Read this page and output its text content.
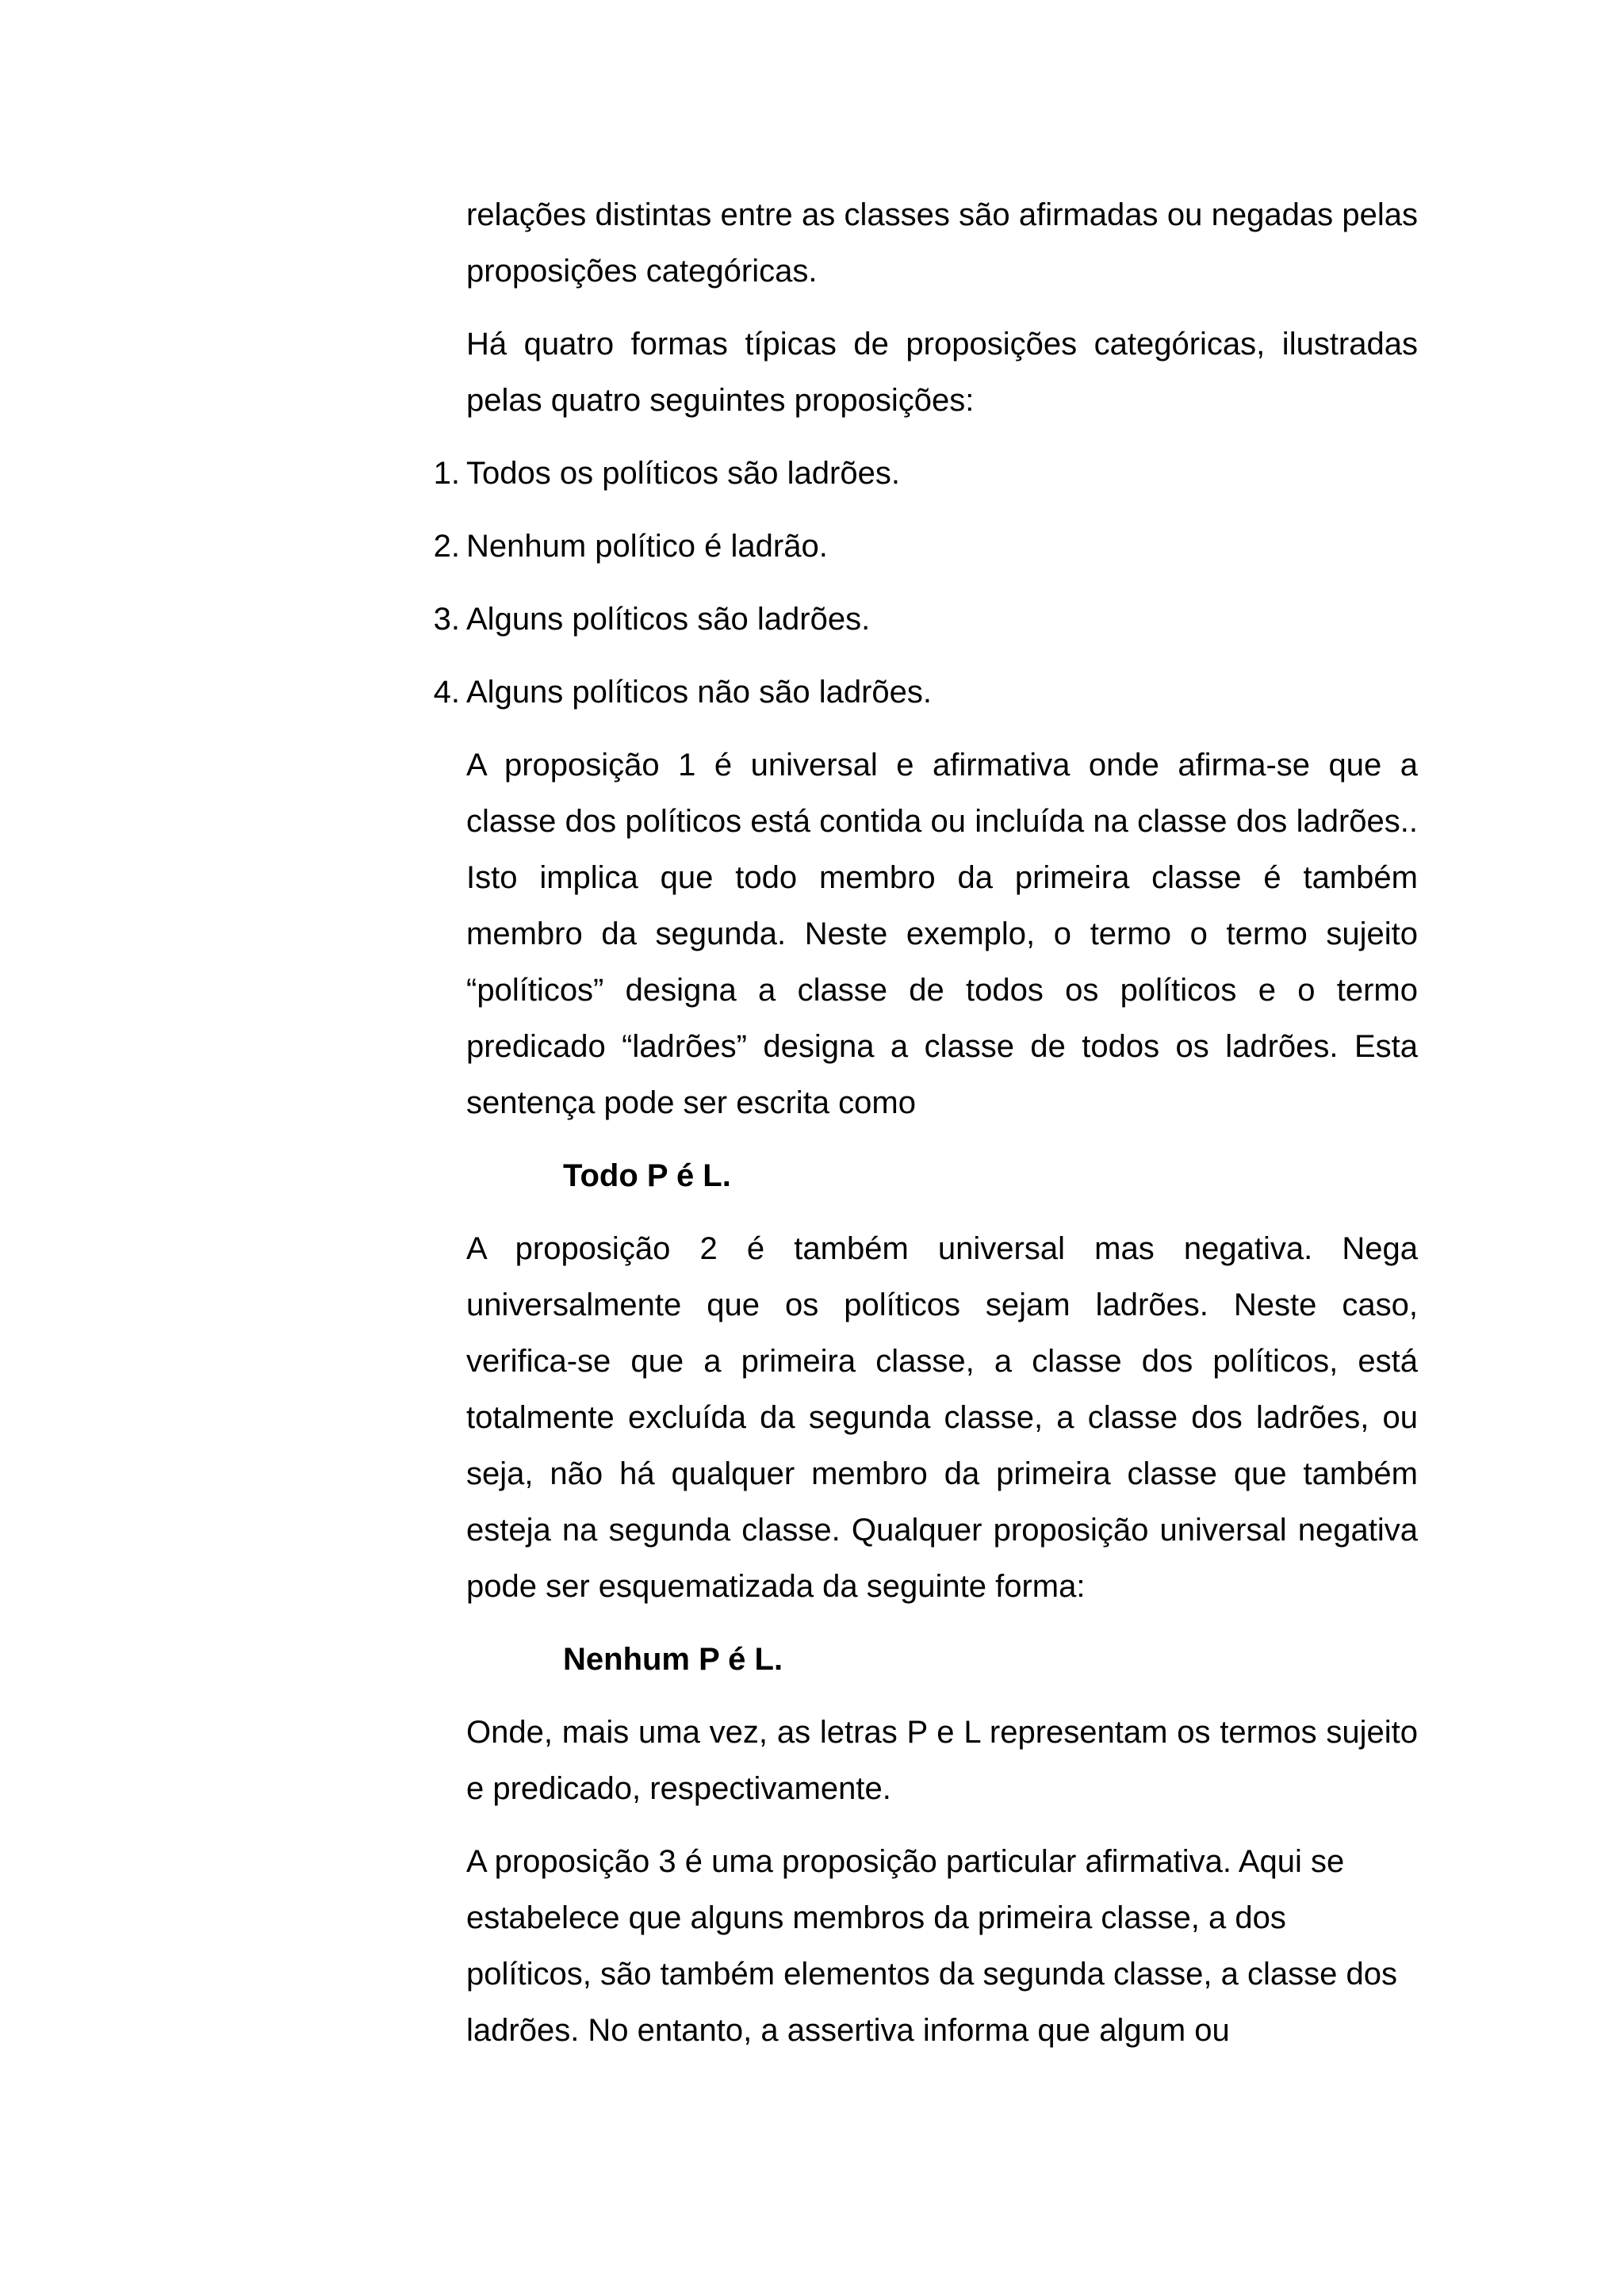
relações distintas entre as classes são afirmadas ou negadas pelas proposições categóricas.

Há quatro formas típicas de proposições categóricas, ilustradas pelas quatro seguintes proposições:

1. Todos os políticos são ladrões.
2. Nenhum político é ladrão.
3. Alguns políticos são ladrões.
4. Alguns políticos não são ladrões.

A proposição 1 é universal e afirmativa onde afirma-se que a classe dos políticos está contida ou incluída na classe dos ladrões.. Isto implica que todo membro da primeira classe é também membro da segunda. Neste exemplo, o termo o termo sujeito “políticos” designa a classe de todos os políticos e o termo predicado “ladrões” designa a classe de todos os ladrões. Esta sentença pode ser escrita como

Todo P é L.

A proposição 2 é também universal mas negativa. Nega universalmente que os políticos sejam ladrões. Neste caso, verifica-se que a primeira classe, a classe dos políticos, está totalmente excluída da segunda classe, a classe dos ladrões, ou seja, não há qualquer membro da primeira classe que também esteja na segunda classe. Qualquer proposição universal negativa pode ser esquematizada da seguinte forma:

Nenhum P é L.

Onde, mais uma vez, as letras P e L representam os termos sujeito e predicado, respectivamente.

A proposição 3 é uma proposição particular afirmativa. Aqui se estabelece que alguns membros da primeira classe, a dos políticos, são também elementos da segunda classe, a classe dos ladrões. No entanto, a assertiva informa que algum ou
